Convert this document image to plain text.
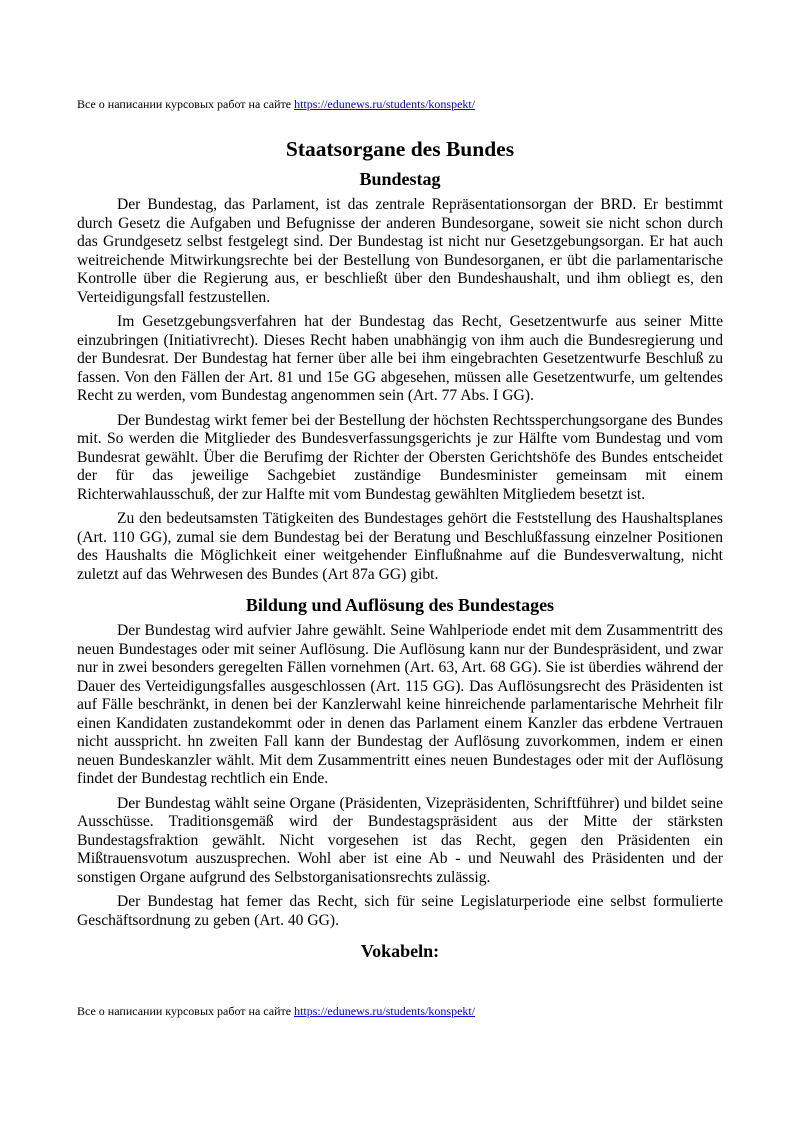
Все о написании курсовых работ на сайте https://edunews.ru/students/konspekt/
Staatsorgane des Bundes
Bundestag

Der Bundestag, das Parlament, ist das zentrale Repräsentationsorgan der BRD. Er bestimmt durch Gesetz die Aufgaben und Befugnisse der anderen Bundesorgane, soweit sie nicht schon durch das Grundgesetz selbst festgelegt sind. Der Bundestag ist nicht nur Gesetzgebungsorgan. Er hat auch weitreichende Mitwirkungsrechte bei der Bestellung von Bundesorganen, er übt die parlamentarische Kontrolle über die Regierung aus, er beschließt über den Bundeshaushalt, und ihm obliegt es, den Verteidigungsfall festzustellen.

Im Gesetzgebungsverfahren hat der Bundestag das Recht, Gesetzentwurfe aus seiner Mitte einzubringen (Initiativrecht). Dieses Recht haben unabhängig von ihm auch die Bundesregierung und der Bundesrat. Der Bundestag hat ferner über alle bei ihm eingebrachten Gesetzentwurfe Beschluß zu fassen. Von den Fällen der Art. 81 und 15e GG abgesehen, müssen alle Gesetzentwurfe, um geltendes Recht zu werden, vom Bundestag angenommen sein (Art. 77 Abs. I GG).

Der Bundestag wirkt femer bei der Bestellung der höchsten Rechtssperchungsorgane des Bundes mit. So werden die Mitglieder des Bundesverfassungsgerichts je zur Hälfte vom Bundestag und vom Bundesrat gewählt. Über die Berufimg der Richter der Obersten Gerichtshöfe des Bundes entscheidet der für das jeweilige Sachgebiet zuständige Bundesminister gemeinsam mit einem Richterwahlausschuß, der zur Halfte mit vom Bundestag gewählten Mitgliedem besetzt ist.

Zu den bedeutsamsten Tätigkeiten des Bundestages gehört die Feststellung des Haushaltsplanes (Art. 110 GG), zumal sie dem Bundestag bei der Beratung und Beschlußfassung einzelner Positionen des Haushalts die Möglichkeit einer weitgehender Einflußnahme auf die Bundesverwaltung, nicht zuletzt auf das Wehrwesen des Bundes (Art 87a GG) gibt.

Bildung und Auflösung des Bundestages

Der Bundestag wird aufvier Jahre gewählt. Seine Wahlperiode endet mit dem Zusammentritt des neuen Bundestages oder mit seiner Auflösung. Die Auflösung kann nur der Bundespräsident, und zwar nur in zwei besonders geregelten Fällen vornehmen (Art. 63, Art. 68 GG). Sie ist überdies während der Dauer des Verteidigungsfalles ausgeschlossen (Art. 115 GG). Das Auflösungsrecht des Präsidenten ist auf Fälle beschränkt, in denen bei der Kanzlerwahl keine hinreichende parlamentarische Mehrheit filr einen Kandidaten zustandekommt oder in denen das Parlament einem Kanzler das erbdene Vertrauen nicht ausspricht. hn zweiten Fall kann der Bundestag der Auflösung zuvorkommen, indem er einen neuen Bundeskanzler wählt. Mit dem Zusammentritt eines neuen Bundestages oder mit der Auflösung findet der Bundestag rechtlich ein Ende.

Der Bundestag wählt seine Organe (Präsidenten, Vizepräsidenten, Schriftführer) und bildet seine Ausschüsse. Traditionsgemäß wird der Bundestagspräsident aus der Mitte der stärksten Bundestagsfraktion gewählt. Nicht vorgesehen ist das Recht, gegen den Präsidenten ein Mißtrauensvotum auszusprechen. Wohl aber ist eine Ab - und Neuwahl des Präsidenten und der sonstigen Organe aufgrund des Selbstorganisationsrechts zulässig.

Der Bundestag hat femer das Recht, sich für seine Legislaturperiode eine selbst formulierte Geschäftsordnung zu geben (Art. 40 GG).

Vokabeln:
Все о написании курсовых работ на сайте https://edunews.ru/students/konspekt/
